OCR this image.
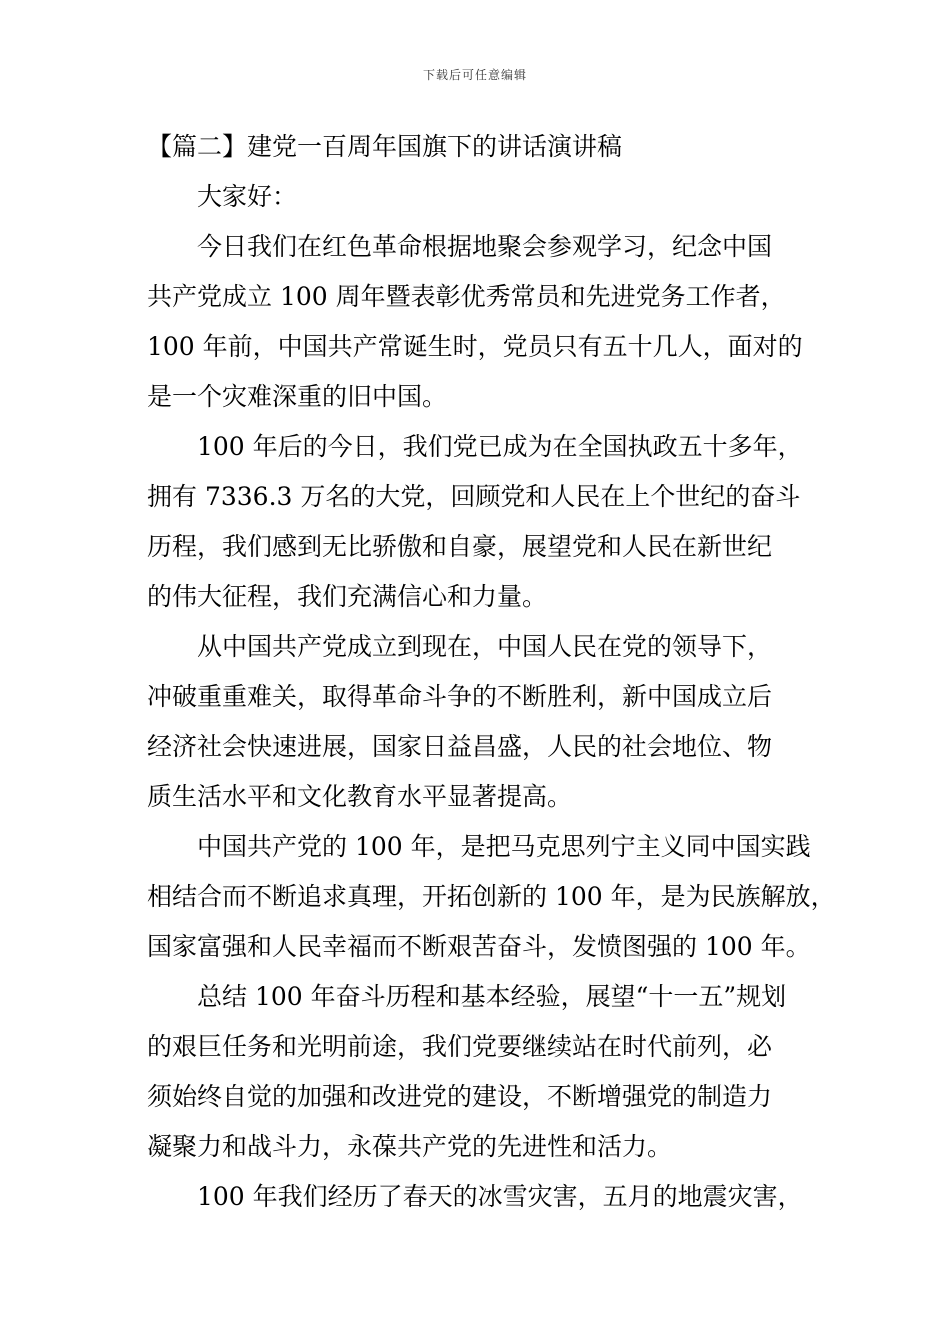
下载后可任意编辑
【篇二】建党一百周年国旗下的讲话演讲稿

大家好：

今日我们在红色革命根据地聚会参观学习，纪念中国
共产党成立 100 周年暨表彰优秀常员和先进党务工作者，
100 年前，中国共产常诞生时，党员只有五十几人，面对的
是一个灾难深重的旧中国。

100 年后的今日，我们党已成为在全国执政五十多年，
拥有 7336.3 万名的大党，回顾党和人民在上个世纪的奋斗
历程，我们感到无比骄傲和自豪，展望党和人民在新世纪
的伟大征程，我们充满信心和力量。

从中国共产党成立到现在，中国人民在党的领导下，
冲破重重难关，取得革命斗争的不断胜利，新中国成立后
经济社会快速进展，国家日益昌盛，人民的社会地位、物
质生活水平和文化教育水平显著提高。

中国共产党的 100 年，是把马克思列宁主义同中国实践
相结合而不断追求真理，开拓创新的 100 年，是为民族解放，
国家富强和人民幸福而不断艰苦奋斗，发愤图强的 100 年。

总结 100 年奋斗历程和基本经验，展望“十一五”规划
的艰巨任务和光明前途，我们党要继续站在时代前列，必
须始终自觉的加强和改进党的建设，不断增强党的制造力
凝聚力和战斗力，永葆共产党的先进性和活力。

100 年我们经历了春天的冰雪灾害，五月的地震灾害，
